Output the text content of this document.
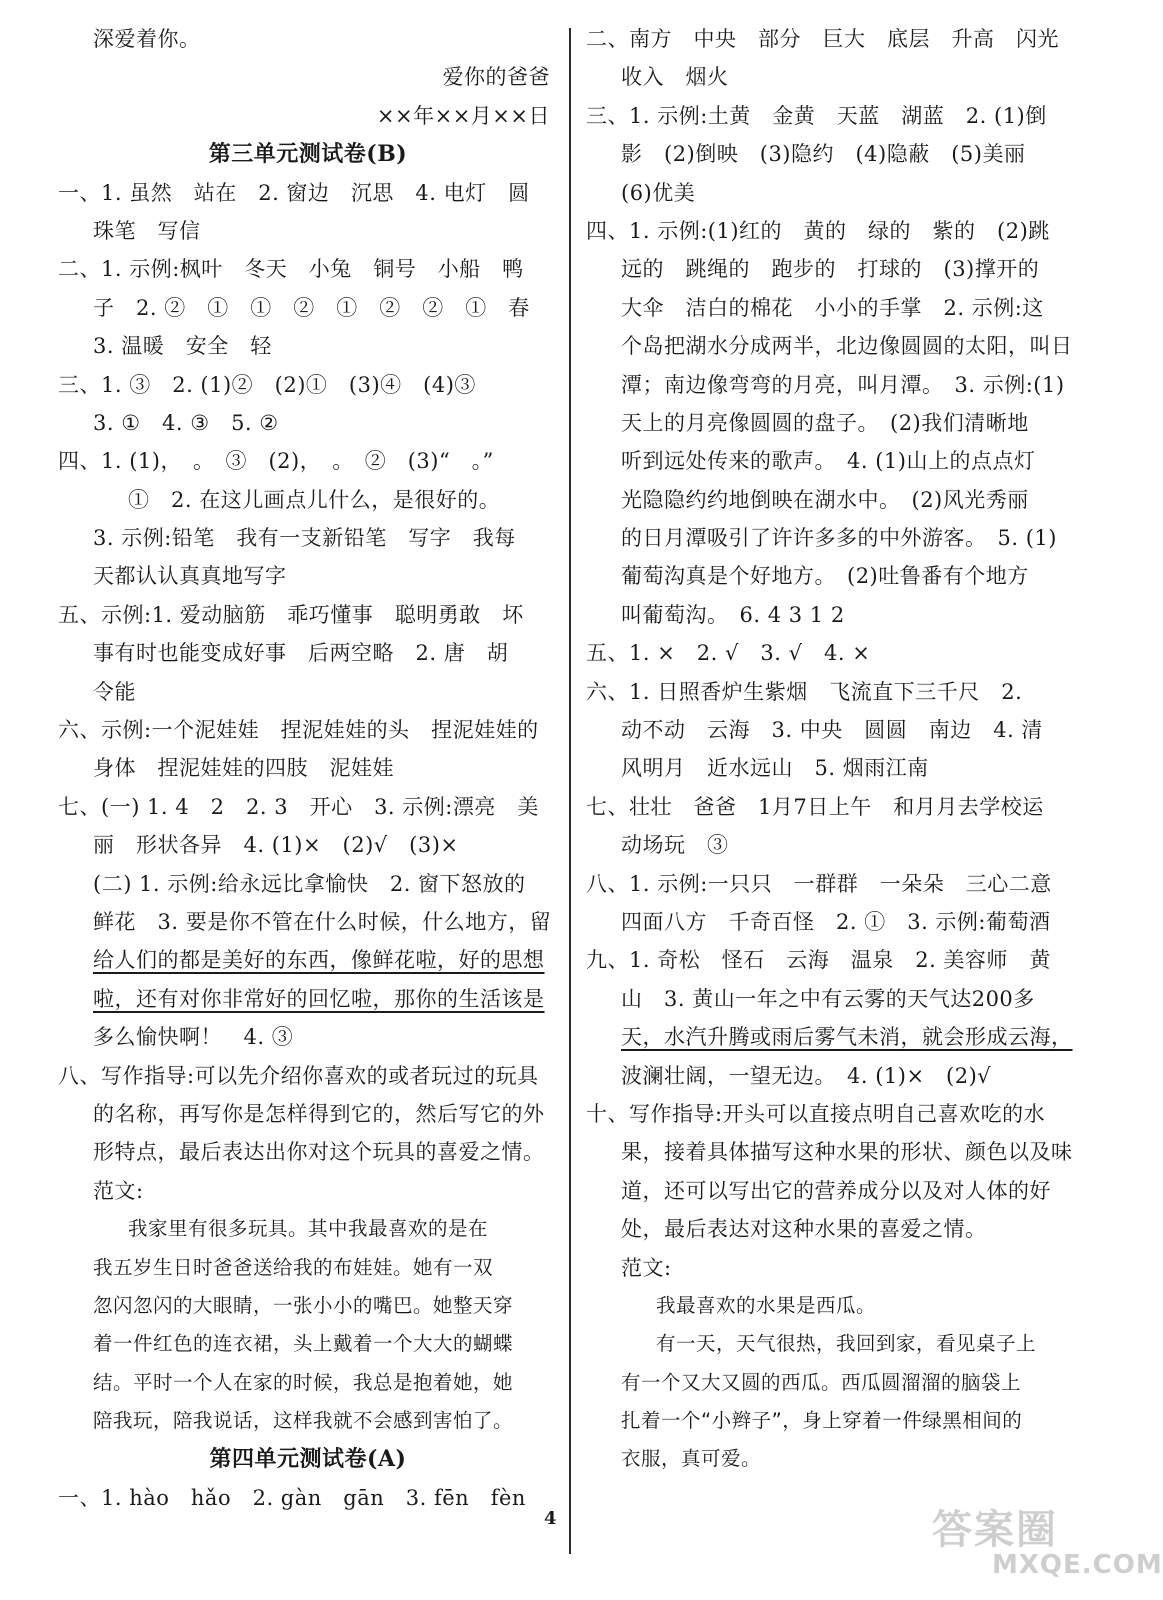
深爱着你。
爱你的爸爸
××年××月××日
第三单元测试卷(B)
一、1. 虽然　站在　2. 窗边　沉思　4. 电灯　圆
珠笔　写信
二、1. 示例:枫叶　冬天　小兔　铜号　小船　鸭
子　2. ②　①　①　②　①　②　②　①　春
3. 温暖　安全　轻
三、1. ③　2. (1)②　(2)①　(3)④　(4)③
3. ①　4. ③　5. ②
四、1. (1)，　。　③　(2)，　。　②　(3)“　。”
①　2. 在这儿画点儿什么，是很好的。
3. 示例:铅笔　我有一支新铅笔　写字　我每
天都认认真真地写字
五、示例:1. 爱动脑筋　乖巧懂事　聪明勇敢　坏
事有时也能变成好事　后两空略　2. 唐　胡
令能
六、示例:一个泥娃娃　捏泥娃娃的头　捏泥娃娃的
身体　捏泥娃娃的四肢　泥娃娃
七、(一) 1. 4　2　2. 3　开心　3. 示例:漂亮　美
丽　形状各异　4. (1)×　(2)√　(3)×
(二) 1. 示例:给永远比拿愉快　2. 窗下怒放的
鲜花　3. 要是你不管在什么时候，什么地方，留
给人们的都是美好的东西，像鲜花啦，好的思想
啦，还有对你非常好的回忆啦，那你的生活该是
多么愉快啊！　4. ③
八、写作指导:可以先介绍你喜欢的或者玩过的玩具
的名称，再写你是怎样得到它的，然后写它的外
形特点，最后表达出你对这个玩具的喜爱之情。
范文:
我家里有很多玩具。其中我最喜欢的是在
我五岁生日时爸爸送给我的布娃娃。她有一双
忽闪忽闪的大眼睛，一张小小的嘴巴。她整天穿
着一件红色的连衣裙，头上戴着一个大大的蝴蝶
结。平时一个人在家的时候，我总是抱着她，她
陪我玩，陪我说话，这样我就不会感到害怕了。
第四单元测试卷(A)
一、1. hào　hǎo　2. gàn　gān　3. fēn　fèn
二、南方　中央　部分　巨大　底层　升高　闪光
收入　烟火
三、1. 示例:土黄　金黄　天蓝　湖蓝　2. (1)倒
影　(2)倒映　(3)隐约　(4)隐蔽　(5)美丽
(6)优美
四、1. 示例:(1)红的　黄的　绿的　紫的　(2)跳
远的　跳绳的　跑步的　打球的　(3)撑开的
大伞　洁白的棉花　小小的手掌　2. 示例:这
个岛把湖水分成两半，北边像圆圆的太阳，叫日
潭；南边像弯弯的月亮，叫月潭。　3. 示例:(1)
天上的月亮像圆圆的盘子。　(2)我们清晰地
听到远处传来的歌声。　4. (1)山上的点点灯
光隐隐约约地倒映在湖水中。　(2)风光秀丽
的日月潭吸引了许许多多的中外游客。　5. (1)
葡萄沟真是个好地方。　(2)吐鲁番有个地方
叫葡萄沟。　6. 4 3 1 2
五、1. ×　2. √　3. √　4. ×
六、1. 日照香炉生紫烟　飞流直下三千尺　2.
动不动　云海　3. 中央　圆圆　南边　4. 清
风明月　近水远山　5. 烟雨江南
七、壮壮　爸爸　1月7日上午　和月月去学校运
动场玩　③
八、1. 示例:一只只　一群群　一朵朵　三心二意
四面八方　千奇百怪　2. ①　3. 示例:葡萄酒
九、1. 奇松　怪石　云海　温泉　2. 美容师　黄
山　3. 黄山一年之中有云雾的天气达200多
天，水汽升腾或雨后雾气未消，就会形成云海，
波澜壮阔，一望无边。　4. (1)×　(2)√
十、写作指导:开头可以直接点明自己喜欢吃的水
果，接着具体描写这种水果的形状、颜色以及味
道，还可以写出它的营养成分以及对人体的好
处，最后表达对这种水果的喜爱之情。
范文:
我最喜欢的水果是西瓜。
有一天，天气很热，我回到家，看见桌子上
有一个又大又圆的西瓜。西瓜圆溜溜的脑袋上
扎着一个“小辫子”，身上穿着一件绿黑相间的
衣服，真可爱。
4	答案圈
MXQE.COM
